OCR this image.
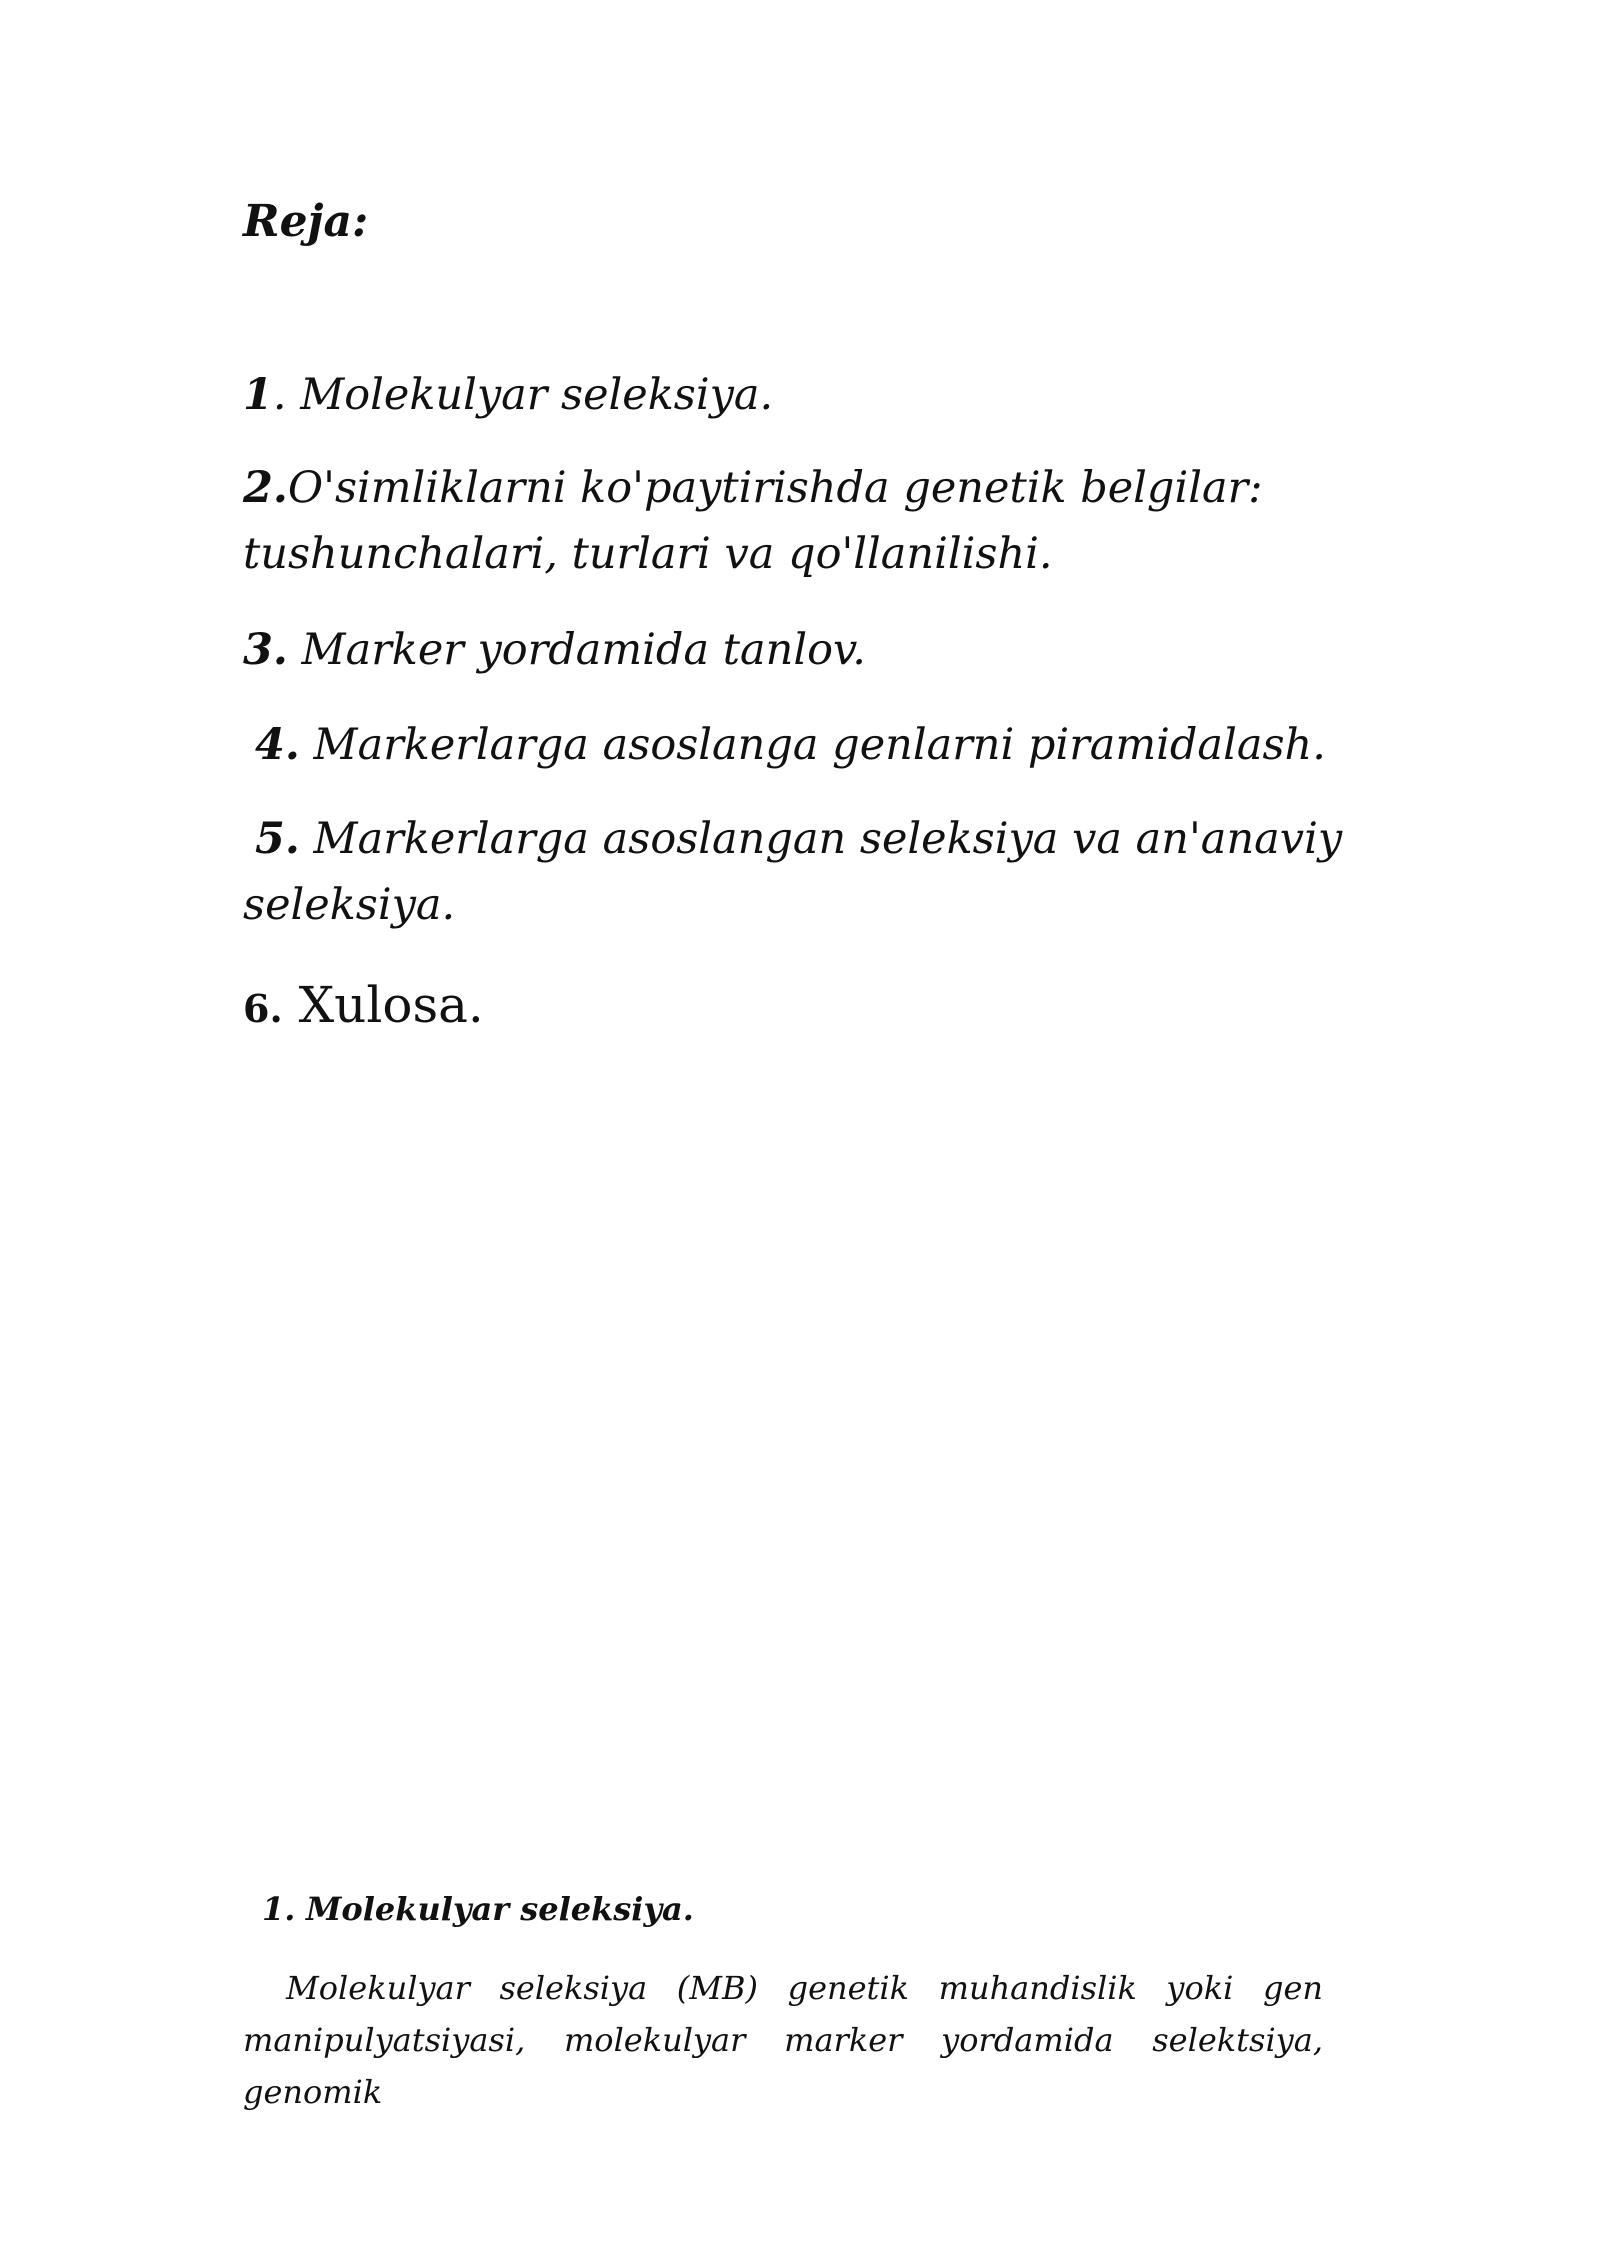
Reja:

1. Molekulyar seleksiya.

2.O'simliklarni ko'paytirishda genetik belgilar: tushunchalari, turlari va qo'llanilishi.

3. Marker yordamida tanlov.

4. Markerlarga asoslanga genlarni piramidalash.

5. Markerlarga asoslangan seleksiya va an'anaviy seleksiya.

6. Xulosa.

1. Molekulyar seleksiya.

Molekulyar seleksiya (MB) genetik muhandislik yoki gen manipulyatsiyasi, molekulyar marker yordamida selektsiya, genomik
